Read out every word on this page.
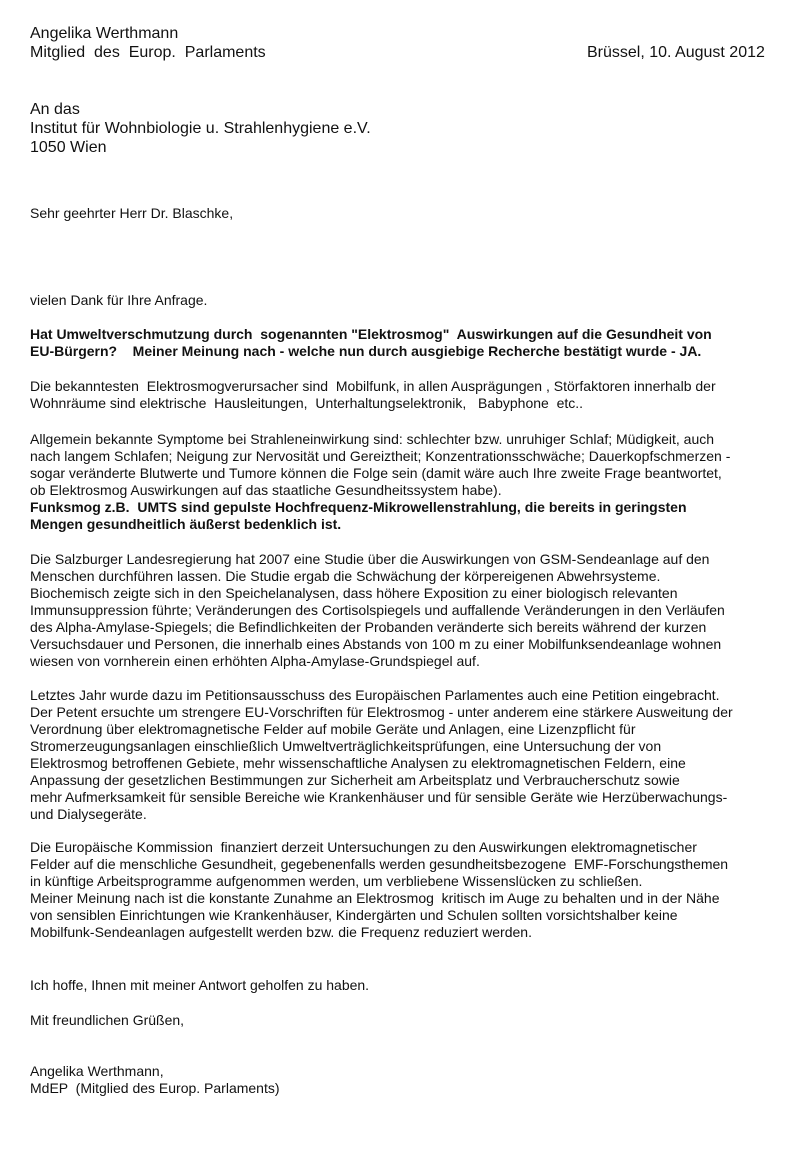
Angelika Werthmann
Mitglied  des  Europ.  Parlaments	Brüssel, 10. August 2012
An das
Institut für Wohnbiologie u. Strahlenhygiene e.V.
1050 Wien
Sehr geehrter Herr Dr. Blaschke,
vielen Dank für Ihre Anfrage.
Hat Umweltverschmutzung durch  sogenannten "Elektrosmog"  Auswirkungen auf die Gesundheit von
EU-Bürgern?    Meiner Meinung nach - welche nun durch ausgiebige Recherche bestätigt wurde - JA.
Die bekanntesten  Elektrosmogverursacher sind  Mobilfunk, in allen Ausprägungen , Störfaktoren innerhalb der
Wohnräume sind elektrische  Hausleitungen,  Unterhaltungselektronik,   Babyphone  etc..
Allgemein bekannte Symptome bei Strahleneinwirkung sind: schlechter bzw. unruhiger Schlaf; Müdigkeit, auch
nach langem Schlafen; Neigung zur Nervosität und Gereiztheit; Konzentrationsschwäche; Dauerkopfschmerzen -
sogar veränderte Blutwerte und Tumore können die Folge sein (damit wäre auch Ihre zweite Frage beantwortet,
ob Elektrosmog Auswirkungen auf das staatliche Gesundheitssystem habe).
Funksmog z.B.  UMTS sind gepulste Hochfrequenz-Mikrowellenstrahlung, die bereits in geringsten
Mengen gesundheitlich äußerst bedenklich ist.
Die Salzburger Landesregierung hat 2007 eine Studie über die Auswirkungen von GSM-Sendeanlage auf den
Menschen durchführen lassen. Die Studie ergab die Schwächung der körpereigenen Abwehrsysteme.
Biochemisch zeigte sich in den Speichelanalysen, dass höhere Exposition zu einer biologisch relevanten
Immunsuppression führte; Veränderungen des Cortisolspiegels und auffallende Veränderungen in den Verläufen
des Alpha-Amylase-Spiegels; die Befindlichkeiten der Probanden veränderte sich bereits während der kurzen
Versuchsdauer und Personen, die innerhalb eines Abstands von 100 m zu einer Mobilfunksendeanlage wohnen
wiesen von vornherein einen erhöhten Alpha-Amylase-Grundspiegel auf.
Letztes Jahr wurde dazu im Petitionsausschuss des Europäischen Parlamentes auch eine Petition eingebracht.
Der Petent ersuchte um strengere EU-Vorschriften für Elektrosmog - unter anderem eine stärkere Ausweitung der
Verordnung über elektromagnetische Felder auf mobile Geräte und Anlagen, eine Lizenzpflicht für
Stromerzeugungsanlagen einschließlich Umweltverträglichkeitsprüfungen, eine Untersuchung der von
Elektrosmog betroffenen Gebiete, mehr wissenschaftliche Analysen zu elektromagnetischen Feldern, eine
Anpassung der gesetzlichen Bestimmungen zur Sicherheit am Arbeitsplatz und Verbraucherschutz sowie
mehr Aufmerksamkeit für sensible Bereiche wie Krankenhäuser und für sensible Geräte wie Herzüberwachungs-
und Dialysegeräte.
Die Europäische Kommission  finanziert derzeit Untersuchungen zu den Auswirkungen elektromagnetischer
Felder auf die menschliche Gesundheit, gegebenenfalls werden gesundheitsbezogene  EMF-Forschungsthemen
in künftige Arbeitsprogramme aufgenommen werden, um verbliebene Wissenslücken zu schließen.
Meiner Meinung nach ist die konstante Zunahme an Elektrosmog  kritisch im Auge zu behalten und in der Nähe
von sensiblen Einrichtungen wie Krankenhäuser, Kindergärten und Schulen sollten vorsichtshalber keine
Mobilfunk-Sendeanlagen aufgestellt werden bzw. die Frequenz reduziert werden.
Ich hoffe, Ihnen mit meiner Antwort geholfen zu haben.
Mit freundlichen Grüßen,
Angelika Werthmann,
MdEP  (Mitglied des Europ. Parlaments)
